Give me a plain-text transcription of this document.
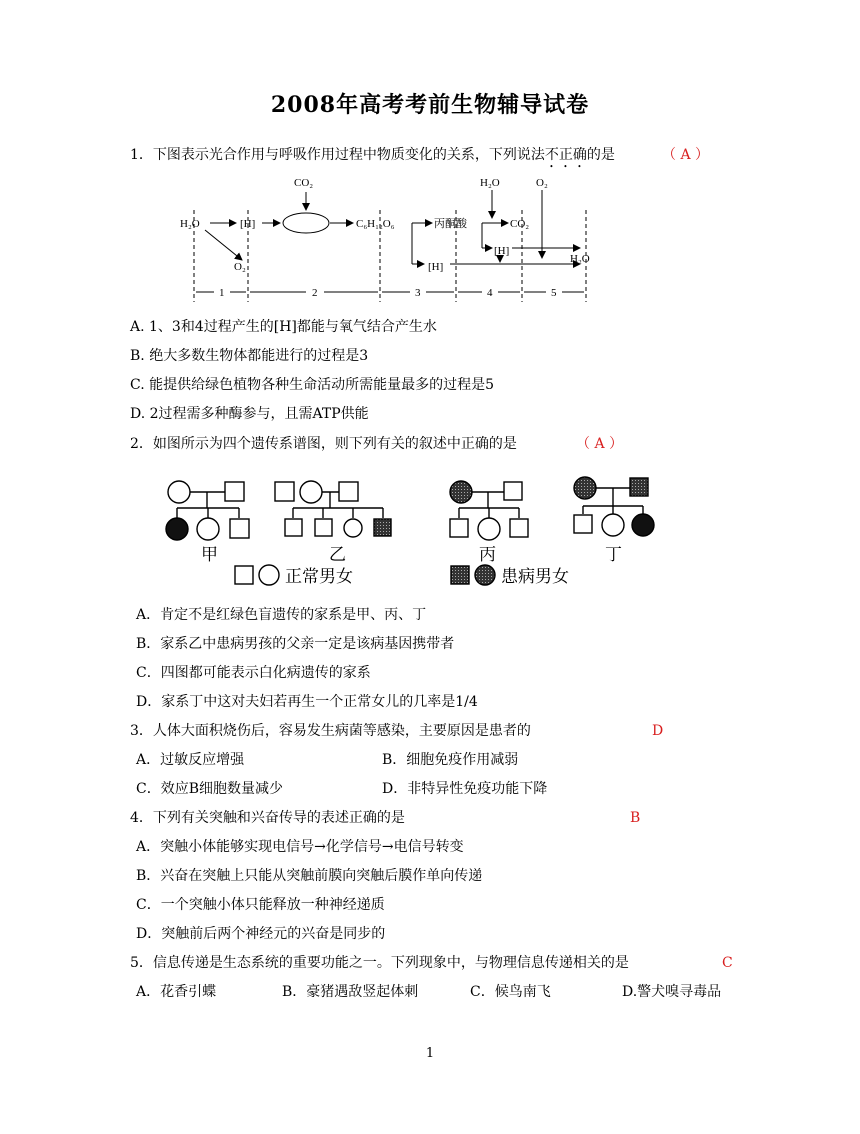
2008年高考考前生物辅导试卷
1．下图表示光合作用与呼吸作用过程中物质变化的关系，下列说法不正确的是	（ A ）
CO₂
H₂O	[H]	C₆H₁₂O₆
O₂
丙酮酸
H₂O	O₂
CO₂
[H]
[H]
H₂O
1	2	3	4	5
A. 1、3和4过程产生的[H]都能与氧气结合产生水
B. 绝大多数生物体都能进行的过程是3
C. 能提供给绿色植物各种生命活动所需能量最多的过程是5
D. 2过程需多种酶参与，且需ATP供能
2．如图所示为四个遗传系谱图，则下列有关的叙述中正确的是	（ A ）
甲	乙	丙	丁
正常男女	患病男女
A．肯定不是红绿色盲遗传的家系是甲、丙、丁
B．家系乙中患病男孩的父亲一定是该病基因携带者
C．四图都可能表示白化病遗传的家系
D．家系丁中这对夫妇若再生一个正常女儿的几率是1/4
3．人体大面积烧伤后，容易发生病菌等感染，主要原因是患者的	D
A．过敏反应增强	B．细胞免疫作用减弱
C．效应B细胞数量减少	D．非特异性免疫功能下降
4．下列有关突触和兴奋传导的表述正确的是	B
A．突触小体能够实现电信号→化学信号→电信号转变
B．兴奋在突触上只能从突触前膜向突触后膜作单向传递
C．一个突触小体只能释放一种神经递质
D．突触前后两个神经元的兴奋是同步的
5．信息传递是生态系统的重要功能之一。下列现象中，与物理信息传递相关的是	C
A．花香引蝶	B．豪猪遇敌竖起体刺	C．候鸟南飞	D.警犬嗅寻毒品
1
